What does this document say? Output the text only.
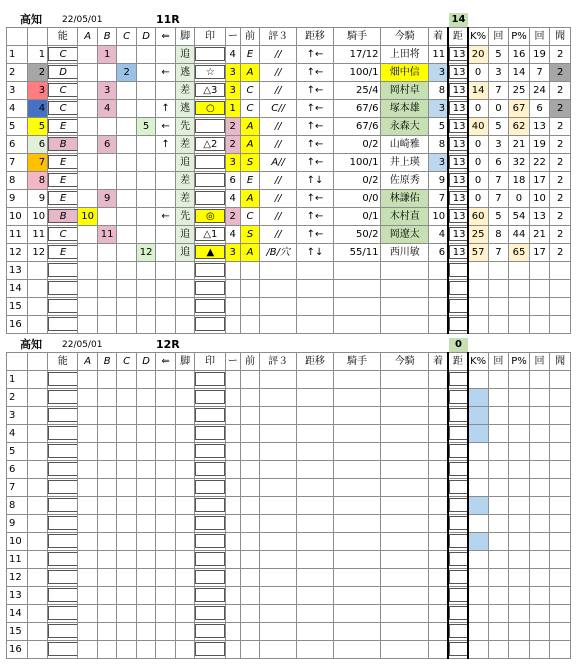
高知 22/05/01	11R	14
		能	A	B	C	D	⇐	脚	印	ー	前	評３	距移	騎手	今騎	着	距	K%	回	P%	回	聞
1	1	C		1				追		4	E	//	↑←	17/12	上田将	11	13	20	5	16	19	2
2	2	D			2		←	逃	☆	3	A	//	↑←	100/1	畑中信	3	13	0	3	14	7	2
3	3	C		3				差	△3	3	C	//	↑←	25/4	岡村卓	8	13	14	7	25	24	2
4	4	C		4			↑	逃	○	1	C	C//	↑←	67/6	塚本雄	3	13	0	0	67	6	2
5	5	E				5	←	先		2	A	//	↑←	67/6	永森大	5	13	40	5	62	13	2
6	6	B		6			↑	差	△2	2	A	//	↑←	0/2	山崎雅	8	13	0	3	21	19	2
7	7	E						追		3	S	A//	↑←	100/1	井上瑛	3	13	0	6	32	22	2
8	8	E						差		6	E	//	↑↓	0/2	佐原秀	9	13	0	7	18	17	2
9	9	E		9				差		4	A	//	↑←	0/0	林謙佑	7	13	0	7	0	10	2
10	10	B	10				←	先	◎	2	C	//	↑←	0/1	木村直	10	13	60	5	54	13	2
11	11	C		11				追	△1	4	S	//	↑←	50/2	岡遼太	4	13	25	8	44	21	2
12	12	E				12		追	▲	3	A	/B/穴	↑↓	55/11	西川敏	6	13	57	7	65	17	2
13																						
14																						
15																						
16																						
高知 22/05/01	12R	0
		能	A	B	C	D	⇐	脚	印	ー	前	評３	距移	騎手	今騎	着	距	K%	回	P%	回	聞
1																						
2																						
3																						
4																						
5																						
6																						
7																						
8																						
9																						
10																						
11																						
12																						
13																						
14																						
15																						
16																						
